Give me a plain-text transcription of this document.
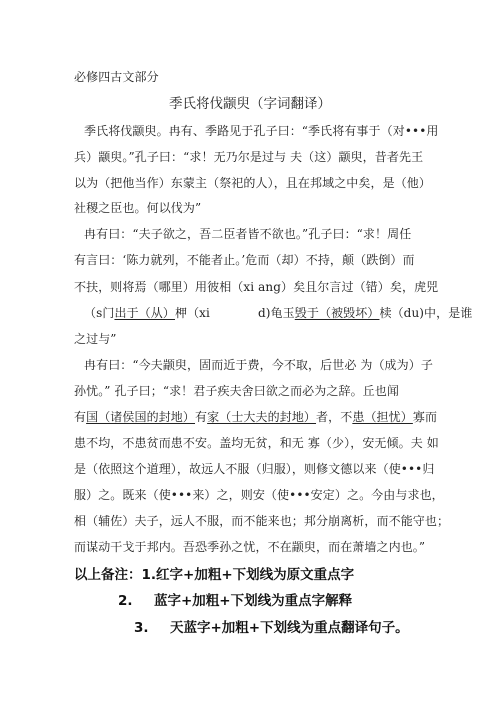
必修四古文部分
季氏将伐颛臾（字词翻译）
季氏将伐颛臾。冉有、季路见于孔子曰：“季氏将有事于（对•••用
兵）颛臾。”孔子曰：“求！无乃尔是过与 夫（这）颛臾，昔者先王
以为（把他当作）东蒙主（祭祀的人），且在邦域之中矣，是（他）
社稷之臣也。何以伐为”
冉有曰：“夫子欲之，吾二臣者皆不欲也。”孔子曰：“求！周任
有言曰：‘陈力就列，不能者止。’危而（却）不持，颠（跌倒）而
不扶，则将焉（哪里）用彼相（xi ang）矣且尔言过（错）矣，虎兕
（s门出于（从）柙（xi	d)龟玉毁于（被毁坏）椟（du)中，是谁
之过与”
冉有曰：“今夫颛臾，固而近于费，今不取，后世必 为（成为）子
孙忧。” 孔子曰；“求！君子疾夫舍曰欲之而必为之辞。丘也闻
有国（诸侯国的封地）有家（士大夫的封地）者，不患（担忧）寡而
患不均，不患贫而患不安。盖均无贫，和无 寡（少），安无倾。夫 如
是（依照这个道理），故远人不服（归服），则修文德以来（使•••归
服）之。既来（使•••来）之，则安（使•••安定）之。今由与求也，
相（辅佐）夫子，远人不服，而不能来也；邦分崩离析，而不能守也；
而谋动干戈于邦内。吾恐季孙之忧，不在颛臾，而在萧墙之内也。”
以上备注：1.红字+加粗+下划线为原文重点字
2. 蓝字+加粗+下划线为重点字解释
3. 天蓝字+加粗+下划线为重点翻译句子。
